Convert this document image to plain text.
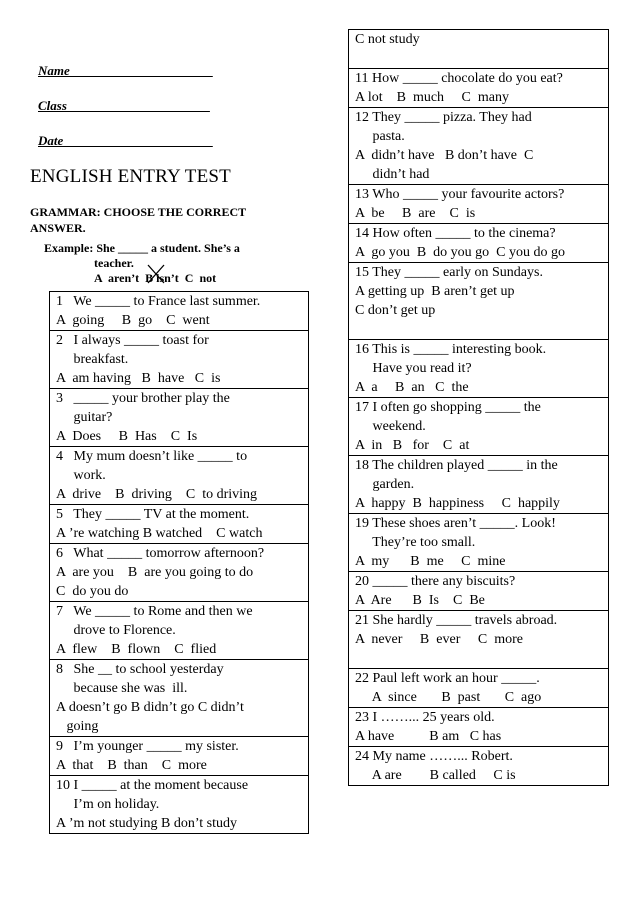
Name______________________
Class______________________
Date_______________________
ENGLISH ENTRY TEST
GRAMMAR: CHOOSE THE CORRECT ANSWER.
Example: She _____ a student. She’s a
teacher.
A  aren’t  B isn’t  C  not
1   We _____ to France last summer.
A  going     B  go    C  went

2   I always _____ toast for
breakfast.
A  am having   B  have   C  is

3   _____ your brother play the
guitar?
A  Does     B  Has    C  Is

4   My mum doesn’t like _____ to
work.
A  drive    B  driving    C  to driving

5   They _____ TV at the moment.
A ’re watching B watched    C watch

6   What _____ tomorrow afternoon?
A  are you    B  are you going to do
C  do you do

7   We _____ to Rome and then we
drove to Florence.
A  flew    B  flown    C  flied

8   She __ to school yesterday
because she was  ill.
A doesn’t go B didn’t go C didn’t
going

9   I’m younger _____ my sister.
A  that    B  than    C  more

10 I _____ at the moment because
I’m on holiday.
A ’m not studying B don’t study
C not study

11 How _____ chocolate do you eat?
A lot    B  much     C  many

12 They _____ pizza. They had
pasta.
A  didn’t have   B don’t have  C
didn’t had

13 Who _____ your favourite actors?
A  be     B  are    C  is

14 How often _____ to the cinema?
A  go you  B  do you go  C you do go

15 They _____ early on Sundays.
A getting up  B aren’t get up
C don’t get up

16 This is _____ interesting book.
Have you read it?
A  a     B  an   C  the

17 I often go shopping _____ the
weekend.
A  in   B   for    C  at

18 The children played _____ in the
garden.
A  happy  B  happiness     C  happily

19 These shoes aren’t _____. Look!
They’re too small.
A  my      B  me     C  mine

20 _____ there any biscuits?
A  Are      B  Is    C  Be

21 She hardly _____ travels abroad.
A  never     B  ever     C  more

22 Paul left work an hour _____.
A  since       B  past       C  ago

23 I ……... 25 years old.
A have          B am   C has

24 My name ……... Robert.
A are        B called     C is
